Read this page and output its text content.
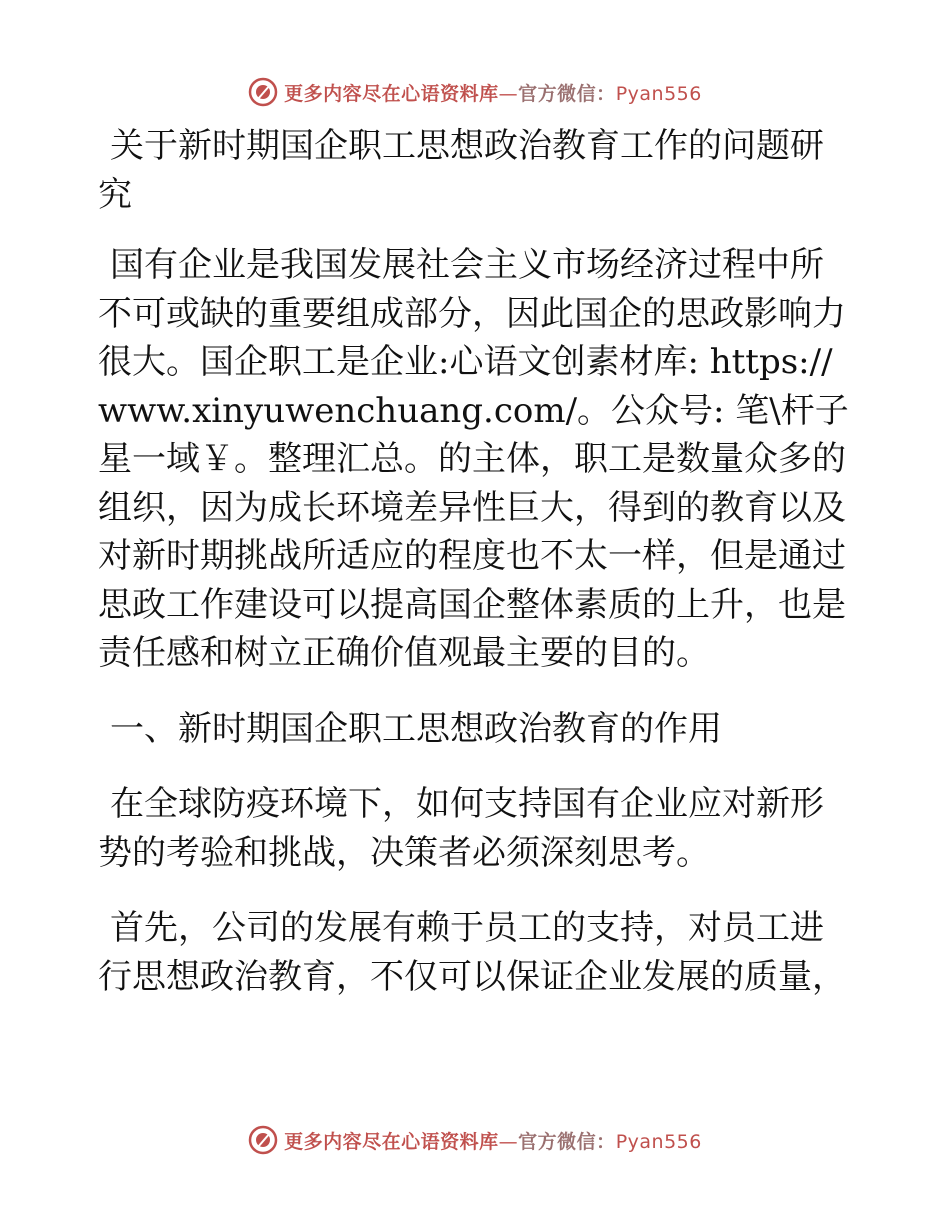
更多内容尽在心语资料库—官方微信：Pyan556

关于新时期国企职工思想政治教育工作的问题研究

国有企业是我国发展社会主义市场经济过程中所不可或缺的重要组成部分，因此国企的思政影响力很大。国企职工是企业:心语文创素材库: https://www.xinyuwenchuang.com/。公众号: 笔\杆子星一域￥。整理汇总。的主体，职工是数量众多的组织，因为成长环境差异性巨大，得到的教育以及对新时期挑战所适应的程度也不太一样，但是通过思政工作建设可以提高国企整体素质的上升，也是责任感和树立正确价值观最主要的目的。

一、新时期国企职工思想政治教育的作用

在全球防疫环境下，如何支持国有企业应对新形势的考验和挑战，决策者必须深刻思考。

首先，公司的发展有赖于员工的支持，对员工进行思想政治教育，不仅可以保证企业发展的质量，

更多内容尽在心语资料库—官方微信：Pyan556
